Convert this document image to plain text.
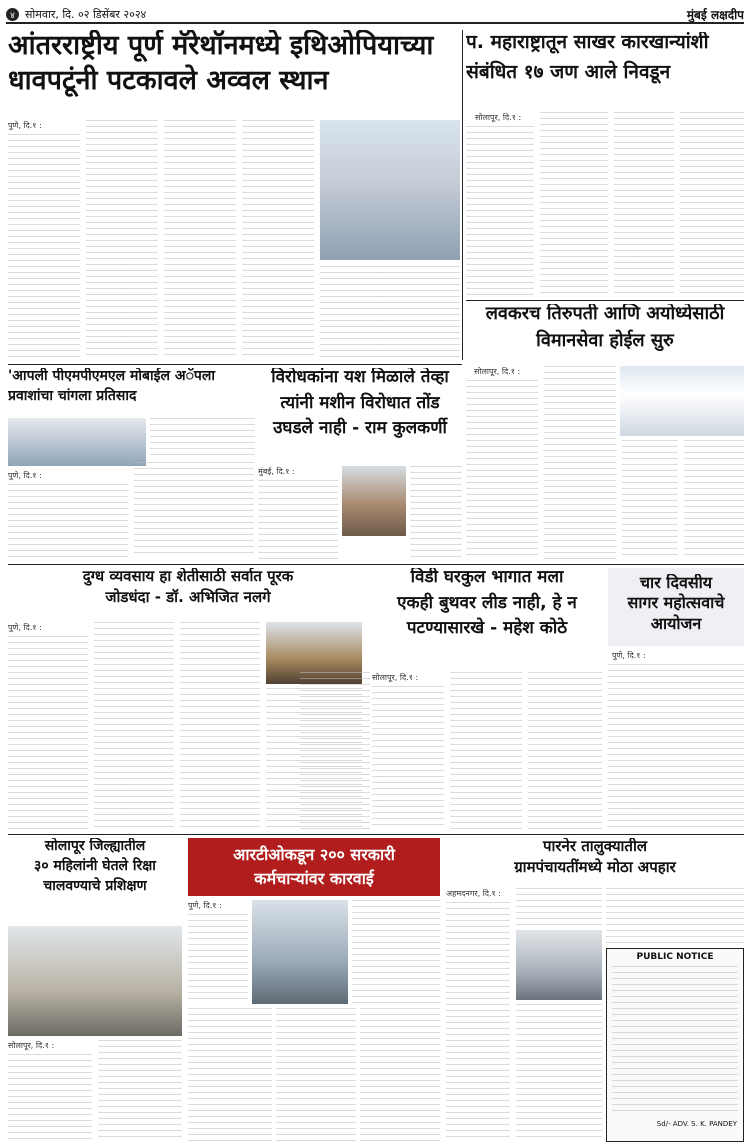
४ सोमवार, दि. ०२ डिसेंबर २०२४	मुंबई लक्षदीप
आंतरराष्ट्रीय पूर्ण मॅरेथॉनमध्ये इथिओपियाच्या
धावपटूंनी पटकावले अव्वल स्थान
प. महाराष्ट्रातून साखर कारखान्यांशी
संबंधित १७ जण आले निवडून
पुणे, दि.१ :
सोलापूर, दि.१ :
लवकरच तिरुपती आणि अयोध्येसाठी
विमानसेवा होईल सुरु
सोलापूर, दि.१ :
'आपली पीएमपीएमएल मोबाईल अॅपला
प्रवाशांचा चांगला प्रतिसाद
पुणे, दि.१ :
विरोधकांना यश मिळाले तेव्हा
त्यांनी मशीन विरोधात तोंड
उघडले नाही - राम कुलकर्णी
मुंबई, दि.१ :
दुग्ध व्यवसाय हा शेतीसाठी सर्वात पूरक
जोडधंदा - डॉ. अभिजित नलगे
पुणे, दि.१ :
विडी घरकुल भागात मला
एकही बुथवर लीड नाही, हे न
पटण्यासारखे - महेश कोठे
सोलापूर, दि.१ :
चार दिवसीय
सागर महोत्सवाचे
आयोजन
पुणे, दि.१ :
सोलापूर जिल्ह्यातील
३० महिलांनी घेतले रिक्षा
चालवण्याचे प्रशिक्षण
सोलापूर, दि.१ :
आरटीओकडून २०० सरकारी
कर्मचाऱ्यांवर कारवाई
पुणे, दि.१ :
पारनेर तालुक्यातील
ग्रामपंचायतींमध्ये मोठा अपहार
अहमदनगर, दि.१ :
PUBLIC NOTICE
Sd/- ADV. S. K. PANDEY
